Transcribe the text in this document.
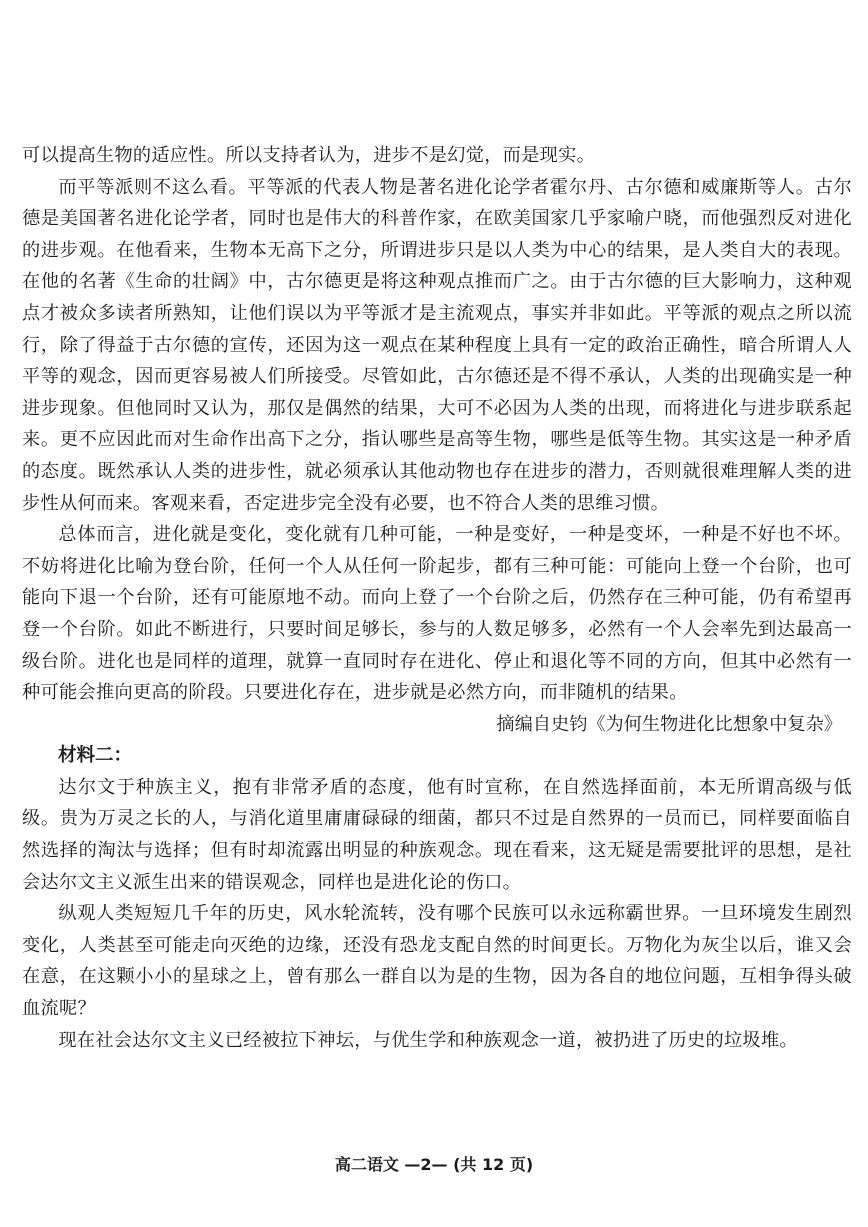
可以提高生物的适应性。所以支持者认为，进步不是幻觉，而是现实。

而平等派则不这么看。平等派的代表人物是著名进化论学者霍尔丹、古尔德和威廉斯等人。古尔德是美国著名进化论学者，同时也是伟大的科普作家，在欧美国家几乎家喻户晓，而他强烈反对进化的进步观。在他看来，生物本无高下之分，所谓进步只是以人类为中心的结果，是人类自大的表现。在他的名著《生命的壮阔》中，古尔德更是将这种观点推而广之。由于古尔德的巨大影响力，这种观点才被众多读者所熟知，让他们误以为平等派才是主流观点，事实并非如此。平等派的观点之所以流行，除了得益于古尔德的宣传，还因为这一观点在某种程度上具有一定的政治正确性，暗合所谓人人平等的观念，因而更容易被人们所接受。尽管如此，古尔德还是不得不承认，人类的出现确实是一种进步现象。但他同时又认为，那仅是偶然的结果，大可不必因为人类的出现，而将进化与进步联系起来。更不应因此而对生命作出高下之分，指认哪些是高等生物，哪些是低等生物。其实这是一种矛盾的态度。既然承认人类的进步性，就必须承认其他动物也存在进步的潜力，否则就很难理解人类的进步性从何而来。客观来看，否定进步完全没有必要，也不符合人类的思维习惯。

总体而言，进化就是变化，变化就有几种可能，一种是变好，一种是变坏，一种是不好也不坏。不妨将进化比喻为登台阶，任何一个人从任何一阶起步，都有三种可能：可能向上登一个台阶，也可能向下退一个台阶，还有可能原地不动。而向上登了一个台阶之后，仍然存在三种可能，仍有希望再登一个台阶。如此不断进行，只要时间足够长，参与的人数足够多，必然有一个人会率先到达最高一级台阶。进化也是同样的道理，就算一直同时存在进化、停止和退化等不同的方向，但其中必然有一种可能会推向更高的阶段。只要进化存在，进步就是必然方向，而非随机的结果。

摘编自史钧《为何生物进化比想象中复杂》

材料二：

达尔文于种族主义，抱有非常矛盾的态度，他有时宣称，在自然选择面前，本无所谓高级与低级。贵为万灵之长的人，与消化道里庸庸碌碌的细菌，都只不过是自然界的一员而已，同样要面临自然选择的淘汰与选择；但有时却流露出明显的种族观念。现在看来，这无疑是需要批评的思想，是社会达尔文主义派生出来的错误观念，同样也是进化论的伤口。

纵观人类短短几千年的历史，风水轮流转，没有哪个民族可以永远称霸世界。一旦环境发生剧烈变化，人类甚至可能走向灭绝的边缘，还没有恐龙支配自然的时间更长。万物化为灰尘以后，谁又会在意，在这颗小小的星球之上，曾有那么一群自以为是的生物，因为各自的地位问题，互相争得头破血流呢？

现在社会达尔文主义已经被拉下神坛，与优生学和种族观念一道，被扔进了历史的垃圾堆。

高二语文 —2— (共 12 页)
